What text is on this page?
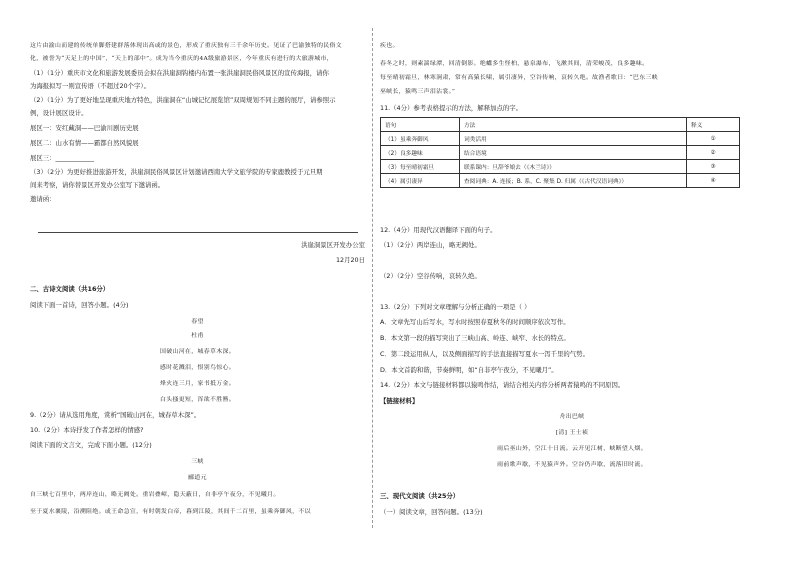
这片由渝山而建的传统单脚搭建群落体现出高或的景色，形成了重庆独有三千余年历史。见证了巴渝独特的民俗文
化，被誉为“天足上的中国”，“天上的部中”。成为当今重庆的4A级旅游景区，今年重庆有进行的大旅游城市，
（1）（1分）重庆市文化和旅游发展委员会拟在洪崖洞钩楼内布置一张洪崖洞民俗风景区的宣传海报，请你
为海报拟写一则宣传语（不超过20个字）。
（2）（1分）为了更好地呈现重庆地方特色，洪崖洞在“山城记忆展览馆”双周规划不同主题的展厅，请参照示
例，设计展区设计。
展区一：安红藏洞——巴渝川剧历史展
展区二：山水有情——霸都自然风貌展
展区三：____________
（3）（2分）为更好推进旅游开发，洪崖洞民俗风景区计划邀请西南大学文旅学院的专家鹿教授于元旦期
间来考察，请你替景区开发办公室写下邀请函。
邀请函：
洪崖洞景区开发办公室
12月20日
二、古诗文阅读（共16分）
阅读下面一首诗，回答小题。(4分)
春望
杜甫
国破山河在，城春草木深。
感时花溅泪，恨别鸟惊心。
烽火连三月，家书抵万金。
白头搔更短，浑欲不胜簪。
9.（2分）请从选用角度，赏析“国破山河在，城春草木深”。
10.（2分）本诗抒发了作者怎样的情感?
阅读下面的文言文，完成下面小题。(12分)
三峡
郦道元
自三峡七百里中，两岸连山，略无阙处。重岩叠嶂，隐天蔽日，自非亭午夜分，不见曦月。
至于夏水襄陵，沿溯阻绝。或王命急宣，有时朝发白帝，暮到江陵，其间千二百里，虽乘奔御风，不以
疾也。
春冬之时，则素湍绿潭，回清倒影。绝巘多生怪柏，悬泉瀑布，飞漱其间，清荣峻茂，良多趣味。
每至晴初霜旦，林寒涧肃，常有高猿长啸，属引凄异，空谷传响，哀转久绝。故渔者歌曰：“巴东三峡
巫峡长，猿鸣三声泪沾裳。”
11.（4分）参考表格提示的方法，解释加点的字。
语句	方法	释义
（1）虽乘奔御风	词类活用	①
（2）良多趣味	结合语境	②
（3）每至晴初霜旦	联系课内：旦辞爷娘去（《木兰诗》）	③
（4）属引凄异	查阅词典：A. 连接；B. 系，C. 聚集 D. 归属（《古代汉语词典》）	④
12.（4分）用现代汉语翻译下面的句子。
（1）（2分）两岸连山，略无阙处。
（2）（2分）空谷传响，哀转久绝。
13.（2分）下列对文章理解与分析正确的一项是（ ）
A．文章先写山后写水，写水时按照春夏秋冬的时间顺序依次写作。
B．本文第一段的描写突出了三峡山高、岭连、峡窄、水长的特点。
C．第二段运用纵人，以及侧面描写的手法直接描写夏水一泻千里的气势。
D．本文首韵和谐，节奏鲜明，如“自非亭午夜分，不见曦月”。
14.（2分）本文与链接材料都以猿鸣作结，请结合相关内容分析两者猿鸣的不同原因。
【链接材料】
舟出巴峡
[清] 王士祯
雨后巫山外，空江十日流。云开见江树，峡断望人烟。
雨前歌声歇，不见猿声外。空谷仍声歇，流落旧时流。
三、现代文阅读（共25分）
（一）阅读文章，回答问题。(13分)
